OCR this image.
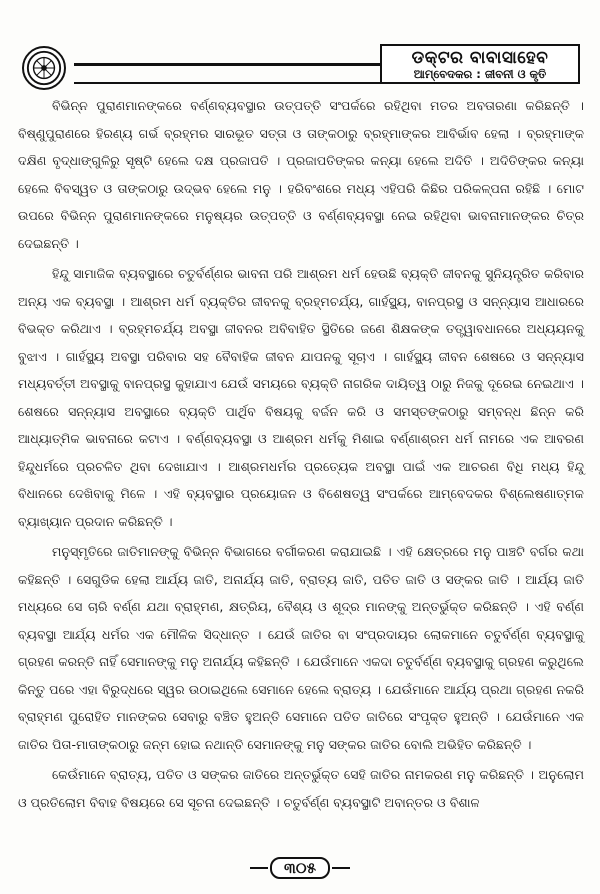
ଡକ୍ଟର ବାବାସାହେବ
ଆମ୍ବେଦକର : ଜୀବନୀ ଓ କୃତି

ବିଭିନ୍ନ ପୁରାଣମାନଙ୍କରେ ବର୍ଣ୍ଣବ୍ୟବସ୍ଥାର ଉତ୍ପତ୍ତି ସଂପର୍କରେ ରହିଥିବା ମତର ଅବତାରଣା କରିଛନ୍ତି । ବିଷ୍ଣୁପୁରାଣରେ ହିରଣ୍ୟ ଗର୍ଭ ବ୍ରହ୍ମର ସାରଭୂତ ସତ୍ତା ଓ ତାଙ୍କଠାରୁ ବ୍ରହ୍ମାଙ୍କର ଆବିର୍ଭାବ ହେଲା । ବ୍ରହ୍ମାଙ୍କ ଦକ୍ଷିଣ ବୃଦ୍ଧାଙ୍ଗୁଳିରୁ ସୃଷ୍ଟି ହେଲେ ଦକ୍ଷ ପ୍ରଜାପତି । ପ୍ରଜାପତିଙ୍କର କନ୍ୟା ହେଲେ ଅଦିତି । ଅଦିତିଙ୍କର କନ୍ୟା ହେଲେ ବିବସ୍ୱତ ଓ ତାଙ୍କଠାରୁ ଉଦ୍ଭବ ହେଲେ ମନୁ । ହରିବଂଶରେ ମଧ୍ୟ ଏହିପରି କିଛିର ପରିକଳ୍ପନା ରହିଛି । ମୋଟ ଉପରେ ବିଭିନ୍ନ ପୁରାଣମାନଙ୍କରେ ମନୁଷ୍ୟର ଉତ୍ପତ୍ତି ଓ ବର୍ଣ୍ଣବ୍ୟବସ୍ଥା ନେଇ ରହିଥିବା ଭାବନାମାନଙ୍କର ଚିତ୍ର ଦେଇଛନ୍ତି ।

ହିନ୍ଦୁ ସାମାଜିକ ବ୍ୟବସ୍ଥାରେ ଚତୁର୍ବର୍ଣ୍ଣର ଭାବନା ପରି ଆଶ୍ରମ ଧର୍ମ ହେଉଛି ବ୍ୟକ୍ତି ଜୀବନକୁ ସୁନିୟନ୍ତ୍ରିତ କରିବାର ଅନ୍ୟ ଏକ ବ୍ୟବସ୍ଥା । ଆଶ୍ରମ ଧର୍ମ ବ୍ୟକ୍ତିର ଜୀବନକୁ ବ୍ରହ୍ମଚର୍ଯ୍ୟ, ଗାର୍ହସ୍ଥ୍ୟ, ବାନପ୍ରସ୍ଥ ଓ ସନ୍ନ୍ୟାସ ଆଧାରରେ ବିଭକ୍ତ କରିଥାଏ । ବ୍ରହ୍ମଚର୍ଯ୍ୟ ଅବସ୍ଥା ଜୀବନର ଅବିବାହିତ ସ୍ଥିତିରେ ଜଣେ ଶିକ୍ଷକଙ୍କ ତତ୍ତ୍ୱାବଧାନରେ ଅଧ୍ୟୟନକୁ ବୁଝାଏ । ଗାର୍ହସ୍ଥ୍ୟ ଅବସ୍ଥା ପରିବାର ସହ ବୈବାହିକ ଜୀବନ ଯାପନକୁ ସୂଚାଏ । ଗାର୍ହସ୍ଥ୍ୟ ଜୀବନ ଶେଷରେ ଓ ସନ୍ନ୍ୟାସ ମଧ୍ୟବର୍ତ୍ତୀ ଅବସ୍ଥାକୁ ବାନପ୍ରସ୍ଥ କୁହାଯାଏ ଯେଉଁ ସମୟରେ ବ୍ୟକ୍ତି ନାଗରିକ ଦାୟିତ୍ୱ ଠାରୁ ନିଜକୁ ଦୂରେଇ ନେଇଥାଏ । ଶେଷରେ ସନ୍ନ୍ୟାସ ଅବସ୍ଥାରେ ବ୍ୟକ୍ତି ପାର୍ଥିବ ବିଷୟକୁ ବର୍ଜନ କରି ଓ ସମସ୍ତଙ୍କଠାରୁ ସମ୍ବନ୍ଧ ଛିନ୍ନ କରି ଆଧ୍ୟାତ୍ମିକ ଭାବନାରେ କଟାଏ । ବର୍ଣ୍ଣବ୍ୟବସ୍ଥା ଓ ଆଶ୍ରମ ଧର୍ମକୁ ମିଶାଇ ବର୍ଣ୍ଣାଶ୍ରମ ଧର୍ମ ନାମରେ ଏକ ଆବରଣ ହିନ୍ଦୁଧର୍ମରେ ପ୍ରଚଳିତ ଥିବା ଦେଖାଯାଏ । ଆଶ୍ରମଧର୍ମର ପ୍ରତ୍ୟେକ ଅବସ୍ଥା ପାଇଁ ଏକ ଆଚରଣ ବିଧି ମଧ୍ୟ ହିନ୍ଦୁ ବିଧାନରେ ଦେଖିବାକୁ ମିଳେ । ଏହି ବ୍ୟବସ୍ଥାର ପ୍ରୟୋଜନ ଓ ବିଶେଷତ୍ୱ ସଂପର୍କରେ ଆମ୍ବେଦକର ବିଶ୍ଲେଷଣାତ୍ମକ ବ୍ୟାଖ୍ୟାନ ପ୍ରଦାନ କରିଛନ୍ତି ।

ମନୁସ୍ମୃତିରେ ଜାତିମାନଙ୍କୁ ବିଭିନ୍ନ ବିଭାଗରେ ବର୍ଗୀକରଣ କରାଯାଇଛି । ଏହି କ୍ଷେତ୍ରରେ ମନୁ ପାଞ୍ଚଟି ବର୍ଗର କଥା କହିଛନ୍ତି । ସେଗୁଡିକ ହେଲା ଆର୍ଯ୍ୟ ଜାତି, ଅନାର୍ଯ୍ୟ ଜାତି, ବ୍ରାତ୍ୟ ଜାତି, ପତିତ ଜାତି ଓ ସଙ୍କର ଜାତି । ଆର୍ଯ୍ୟ ଜାତି ମଧ୍ୟରେ ସେ ଚାରି ବର୍ଣ୍ଣ ଯଥା ବ୍ରାହ୍ମଣ, କ୍ଷତ୍ରିୟ, ବୈଶ୍ୟ ଓ ଶୂଦ୍ର ମାନଙ୍କୁ ଅନ୍ତର୍ଭୁକ୍ତ କରିଛନ୍ତି । ଏହି ବର୍ଣ୍ଣ ବ୍ୟବସ୍ଥା ଆର୍ଯ୍ୟ ଧର୍ମର ଏକ ମୌଳିକ ସିଦ୍ଧାନ୍ତ । ଯେଉଁ ଜାତିର ବା ସଂପ୍ରଦାୟର ଲୋକମାନେ ଚତୁର୍ବର୍ଣ୍ଣ ବ୍ୟବସ୍ଥାକୁ ଗ୍ରହଣ କରନ୍ତି ନାହିଁ ସେମାନଙ୍କୁ ମନୁ ଅନାର୍ଯ୍ୟ କହିଛନ୍ତି । ଯେଉଁମାନେ ଏକଦା ଚତୁର୍ବର୍ଣ୍ଣ ବ୍ୟବସ୍ଥାକୁ ଗ୍ରହଣ କରୁଥିଲେ କିନ୍ତୁ ପରେ ଏହା ବିରୁଦ୍ଧରେ ସ୍ୱର ଉଠାଇଥିଲେ ସେମାନେ ହେଲେ ବ୍ରାତ୍ୟ । ଯେଉଁମାନେ ଆର୍ଯ୍ୟ ପ୍ରଥା ଗ୍ରହଣ ନକରି ବ୍ରାହ୍ମଣ ପୁରୋହିତ ମାନଙ୍କର ସେବାରୁ ବଞ୍ଚିତ ହୁଅନ୍ତି ସେମାନେ ପତିତ ଜାତିରେ ସଂପୃକ୍ତ ହୁଅନ୍ତି । ଯେଉଁମାନେ ଏକ ଜାତିର ପିତା-ମାତାଙ୍କଠାରୁ ଜନ୍ମ ହୋଇ ନଥାନ୍ତି ସେମାନଙ୍କୁ ମନୁ ସଙ୍କର ଜାତିର ବୋଲି ଅଭିହିତ କରିଛନ୍ତି ।

କେଉଁମାନେ ବ୍ରାତ୍ୟ, ପତିତ ଓ ସଙ୍କର ଜାତିରେ ଅନ୍ତର୍ଭୁକ୍ତ ସେହି ଜାତିର ନାମକରଣ ମନୁ କରିଛନ୍ତି । ଅନୁଲୋମ ଓ ପ୍ରତିଲୋମ ବିବାହ ବିଷୟରେ ସେ ସୂଚନା ଦେଇଛନ୍ତି । ଚତୁର୍ବର୍ଣ୍ଣ ବ୍ୟବସ୍ଥାଟି ଅବାନ୍ତର ଓ ବିଶାଳ

୩୦୫
